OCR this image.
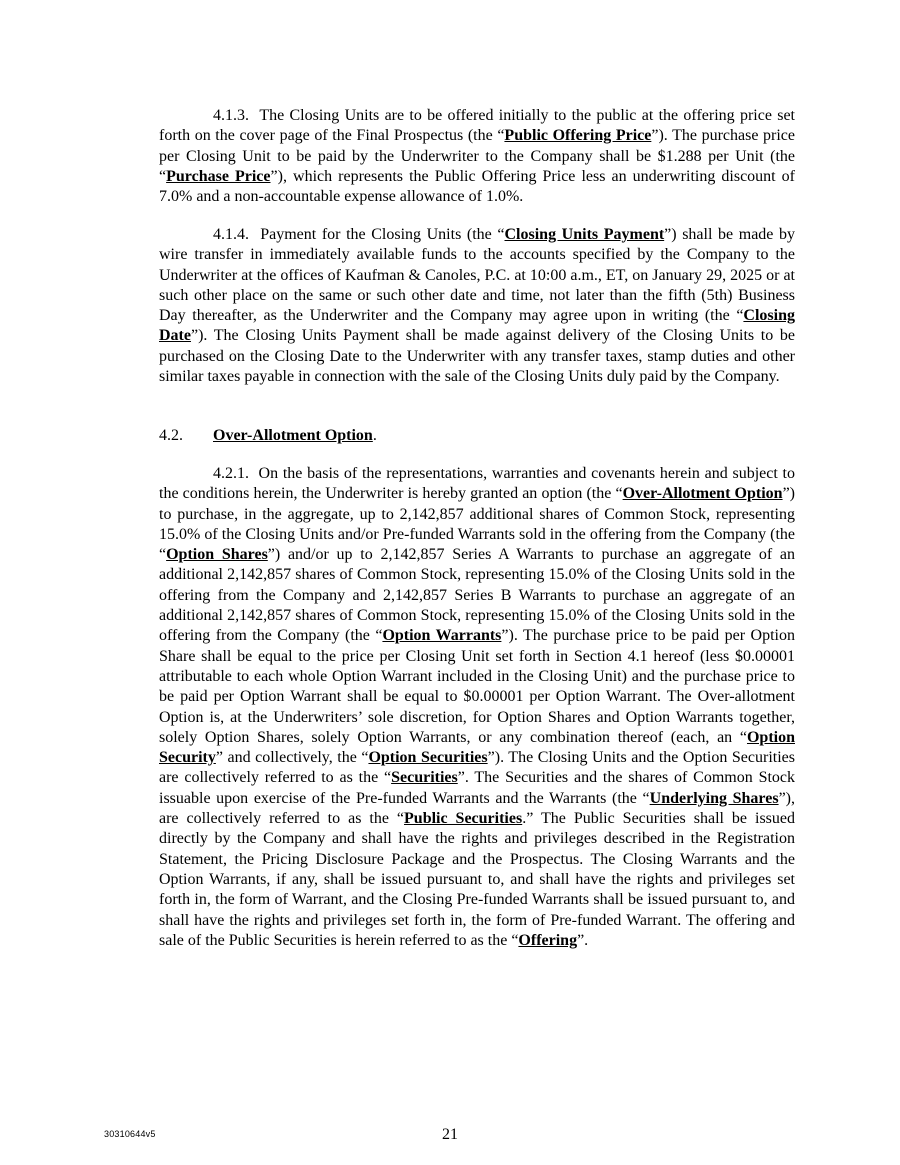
4.1.3. The Closing Units are to be offered initially to the public at the offering price set forth on the cover page of the Final Prospectus (the “Public Offering Price”). The purchase price per Closing Unit to be paid by the Underwriter to the Company shall be $1.288 per Unit (the “Purchase Price”), which represents the Public Offering Price less an underwriting discount of 7.0% and a non-accountable expense allowance of 1.0%.

4.1.4. Payment for the Closing Units (the “Closing Units Payment”) shall be made by wire transfer in immediately available funds to the accounts specified by the Company to the Underwriter at the offices of Kaufman & Canoles, P.C. at 10:00 a.m., ET, on January 29, 2025 or at such other place on the same or such other date and time, not later than the fifth (5th) Business Day thereafter, as the Underwriter and the Company may agree upon in writing (the “Closing Date”). The Closing Units Payment shall be made against delivery of the Closing Units to be purchased on the Closing Date to the Underwriter with any transfer taxes, stamp duties and other similar taxes payable in connection with the sale of the Closing Units duly paid by the Company.

4.2. Over-Allotment Option.

4.2.1. On the basis of the representations, warranties and covenants herein and subject to the conditions herein, the Underwriter is hereby granted an option (the “Over-Allotment Option”) to purchase, in the aggregate, up to 2,142,857 additional shares of Common Stock, representing 15.0% of the Closing Units and/or Pre-funded Warrants sold in the offering from the Company (the “Option Shares”) and/or up to 2,142,857 Series A Warrants to purchase an aggregate of an additional 2,142,857 shares of Common Stock, representing 15.0% of the Closing Units sold in the offering from the Company and 2,142,857 Series B Warrants to purchase an aggregate of an additional 2,142,857 shares of Common Stock, representing 15.0% of the Closing Units sold in the offering from the Company (the “Option Warrants”). The purchase price to be paid per Option Share shall be equal to the price per Closing Unit set forth in Section 4.1 hereof (less $0.00001 attributable to each whole Option Warrant included in the Closing Unit) and the purchase price to be paid per Option Warrant shall be equal to $0.00001 per Option Warrant. The Over-allotment Option is, at the Underwriters’ sole discretion, for Option Shares and Option Warrants together, solely Option Shares, solely Option Warrants, or any combination thereof (each, an “Option Security” and collectively, the “Option Securities”). The Closing Units and the Option Securities are collectively referred to as the “Securities”. The Securities and the shares of Common Stock issuable upon exercise of the Pre-funded Warrants and the Warrants (the “Underlying Shares”), are collectively referred to as the “Public Securities.” The Public Securities shall be issued directly by the Company and shall have the rights and privileges described in the Registration Statement, the Pricing Disclosure Package and the Prospectus. The Closing Warrants and the Option Warrants, if any, shall be issued pursuant to, and shall have the rights and privileges set forth in, the form of Warrant, and the Closing Pre-funded Warrants shall be issued pursuant to, and shall have the rights and privileges set forth in, the form of Pre-funded Warrant. The offering and sale of the Public Securities is herein referred to as the “Offering”.

30310644v5	21
